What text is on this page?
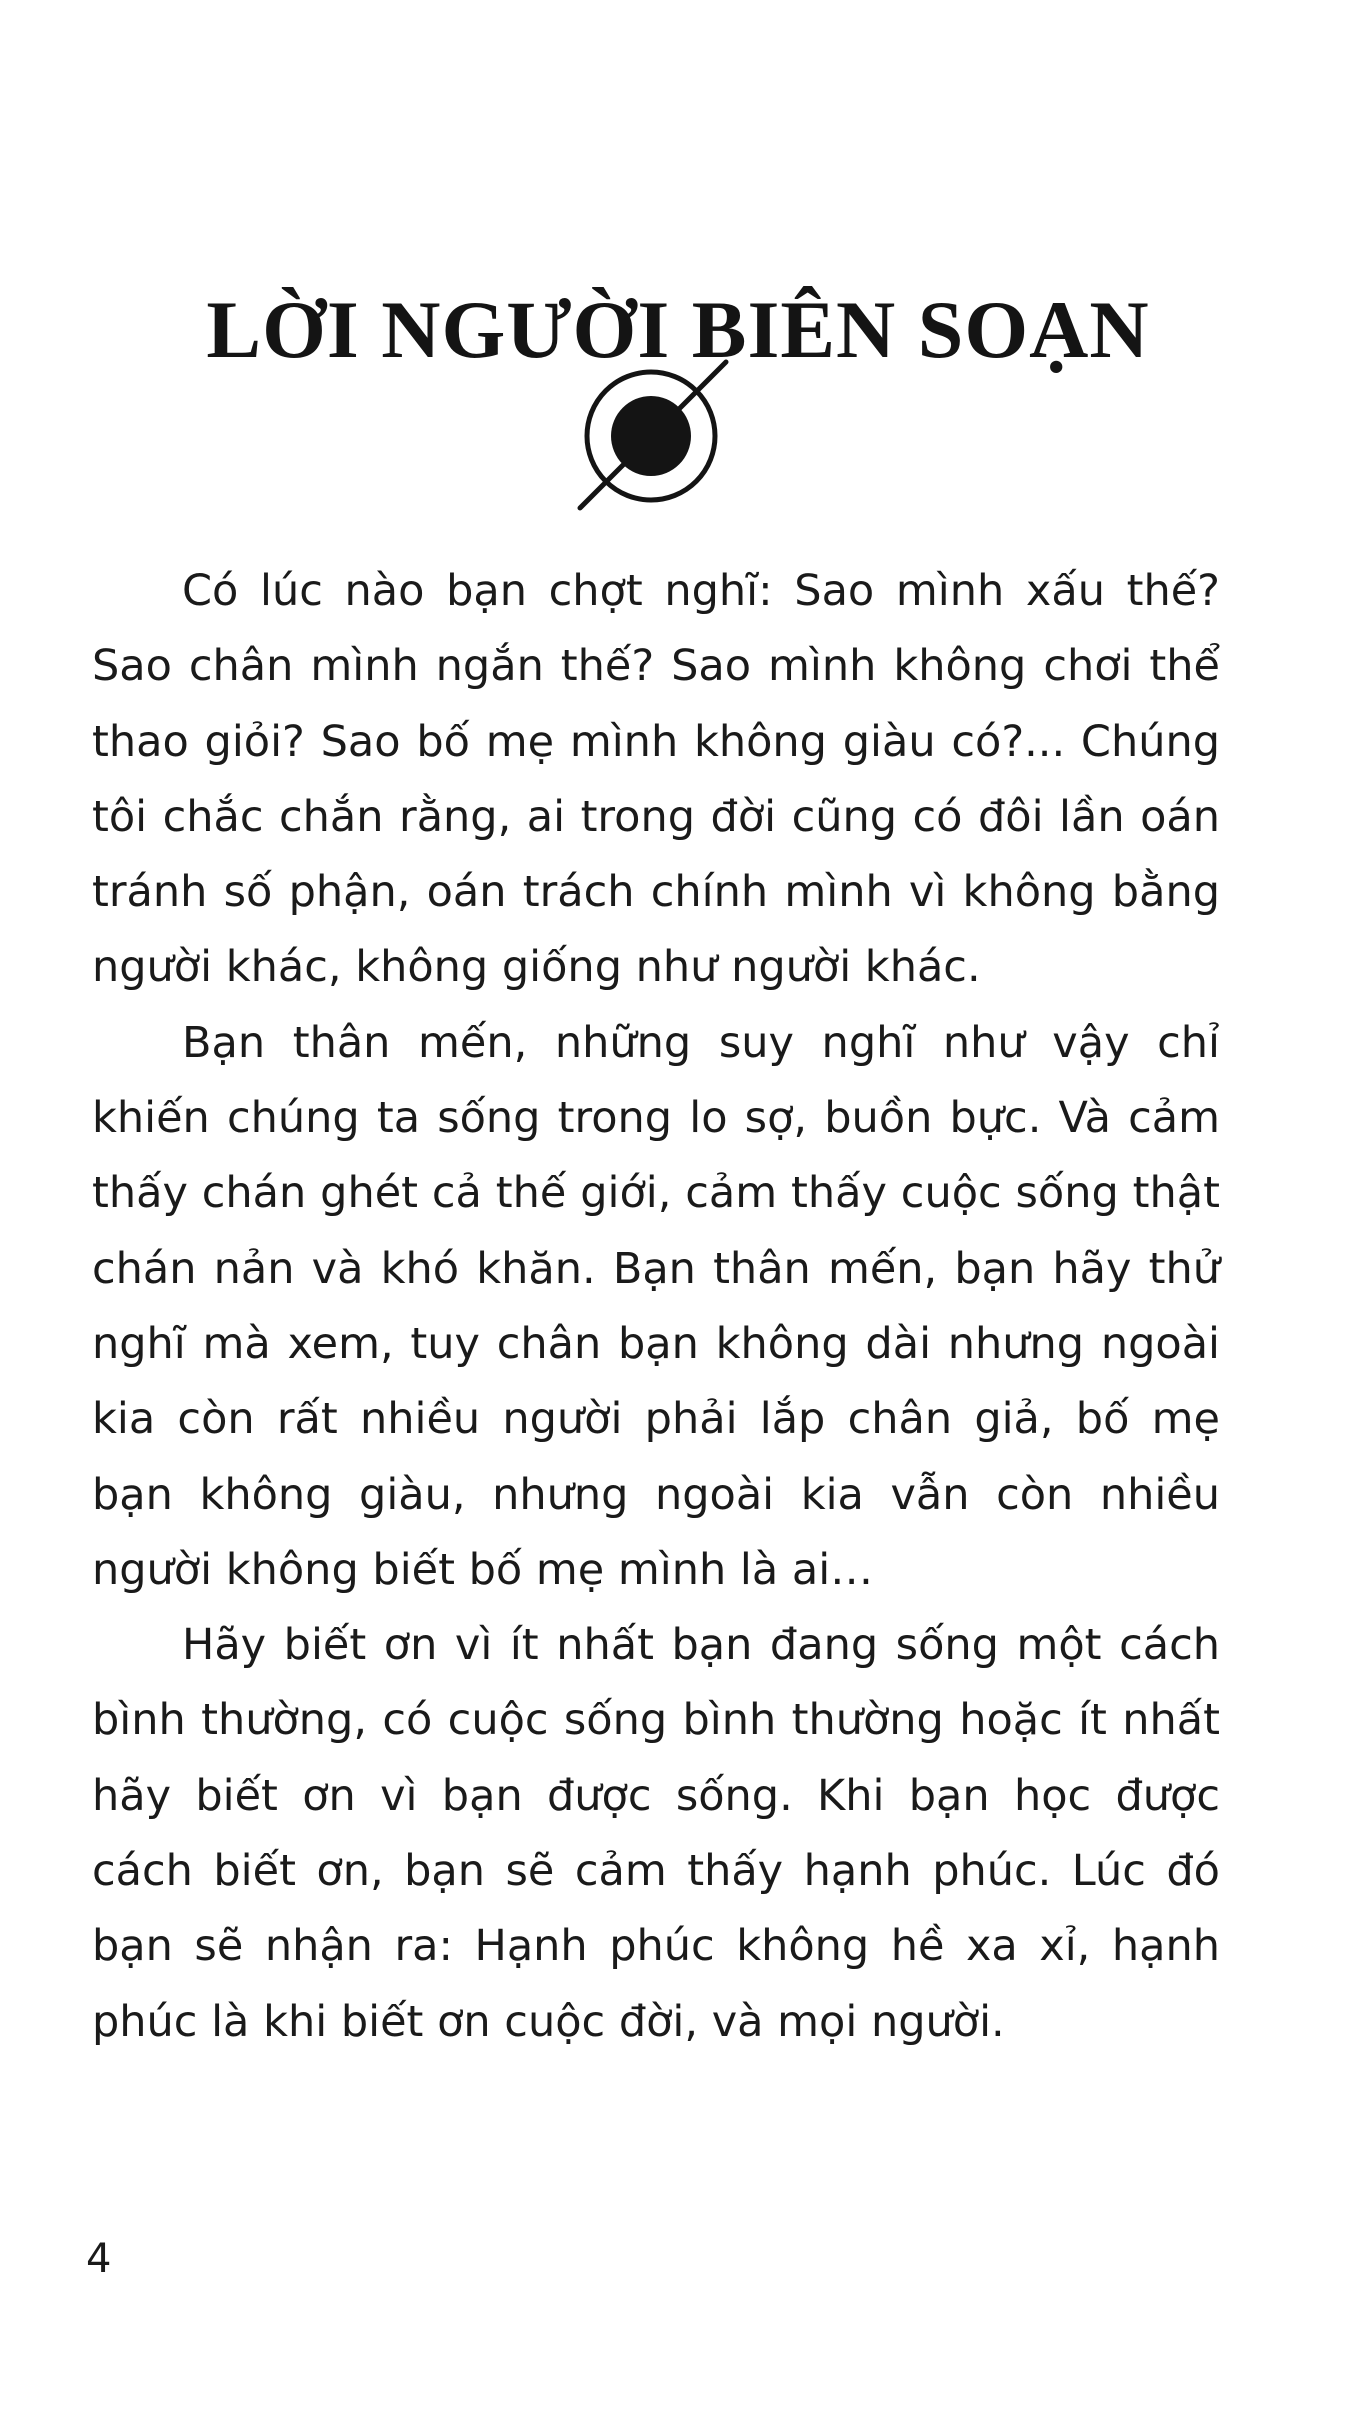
LỜI NGƯỜI BIÊN SOẠN

Có lúc nào bạn chợt nghĩ: Sao mình xấu thế? Sao chân mình ngắn thế? Sao mình không chơi thể thao giỏi? Sao bố mẹ mình không giàu có?... Chúng tôi chắc chắn rằng, ai trong đời cũng có đôi lần oán tránh số phận, oán trách chính mình vì không bằng người khác, không giống như người khác.

Bạn thân mến, những suy nghĩ như vậy chỉ khiến chúng ta sống trong lo sợ, buồn bực. Và cảm thấy chán ghét cả thế giới, cảm thấy cuộc sống thật chán nản và khó khăn. Bạn thân mến, bạn hãy thử nghĩ mà xem, tuy chân bạn không dài nhưng ngoài kia còn rất nhiều người phải lắp chân giả, bố mẹ bạn không giàu, nhưng ngoài kia vẫn còn nhiều người không biết bố mẹ mình là ai…

Hãy biết ơn vì ít nhất bạn đang sống một cách bình thường, có cuộc sống bình thường hoặc ít nhất hãy biết ơn vì bạn được sống. Khi bạn học được cách biết ơn, bạn sẽ cảm thấy hạnh phúc. Lúc đó bạn sẽ nhận ra: Hạnh phúc không hề xa xỉ, hạnh phúc là khi biết ơn cuộc đời, và mọi người.

4
